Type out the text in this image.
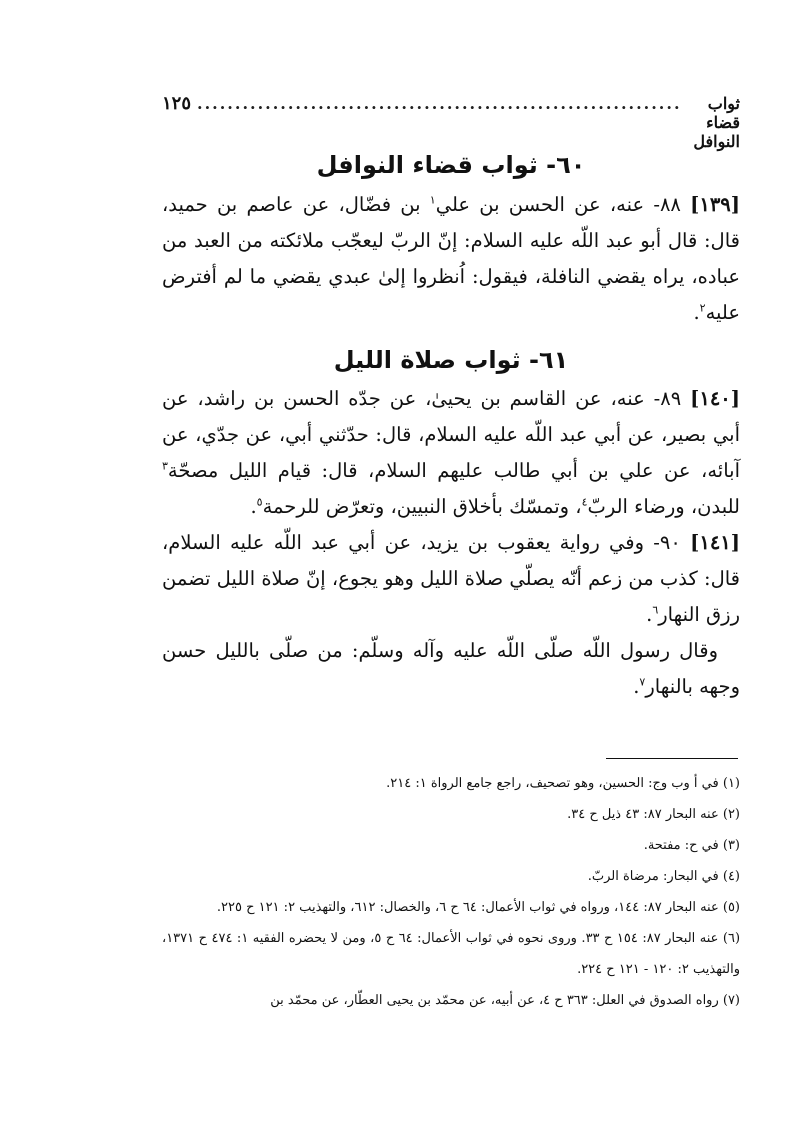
ثواب قضاء النوافل
................................................................
١٢٥
٦٠- ثواب قضاء النوافل

[١٣٩] ٨٨- عنه، عن الحسن بن علي$^١$ بن فضّال، عن عاصم بن حميد، قال: قال أبو عبد اللّه عليه السلام: إنّ الربّ ليعجّب ملائكته من العبد من عباده، يراه يقضي النافلة، فيقول: اُنظروا إلىٰ عبدي يقضي ما لم أفترض عليه$^٢$.

٦١- ثواب صلاة الليل

[١٤٠] ٨٩- عنه، عن القاسم بن يحيىٰ، عن جدّه الحسن بن راشد، عن أبي بصير، عن أبي عبد اللّه عليه السلام، قال: حدّثني أبي، عن جدّي، عن آبائه، عن علي بن أبي طالب عليهم السلام، قال: قيام الليل مصحّة$^٣$ للبدن، ورضاء الربّ$^٤$، وتمسّك بأخلاق النبيين، وتعرّض للرحمة$^٥$.

[١٤١] ٩٠- وفي رواية يعقوب بن يزيد، عن أبي عبد اللّه عليه السلام، قال: كذب من زعم أنّه يصلّي صلاة الليل وهو يجوع، إنّ صلاة الليل تضمن رزق النهار$^٦$.

وقال رسول اللّه صلّى اللّه عليه وآله وسلّم: من صلّى بالليل حسن وجهه بالنهار$^٧$.

(١) في أ وب وج: الحسين، وهو تصحيف، راجع جامع الرواة ١: ٢١٤.

(٢) عنه البحار ٨٧: ٤٣ ذيل ح ٣٤.

(٣) في ح: مفتحة.

(٤) في البحار: مرضاة الربّ.

(٥) عنه البحار ٨٧: ١٤٤، ورواه في ثواب الأعمال: ٦٤ ح ٦، والخصال: ٦١٢، والتهذيب ٢: ١٢١ ح ٢٢٥.

(٦) عنه البحار ٨٧: ١٥٤ ح ٣٣. وروى نحوه في ثواب الأعمال: ٦٤ ح ٥، ومن لا يحضره الفقيه ١: ٤٧٤ ح ١٣٧١، والتهذيب ٢: ١٢٠ - ١٢١ ح ٢٢٤.

(٧) رواه الصدوق في العلل: ٣٦٣ ح ٤، عن أبيه، عن محمّد بن يحيى العطّار، عن محمّد بن
